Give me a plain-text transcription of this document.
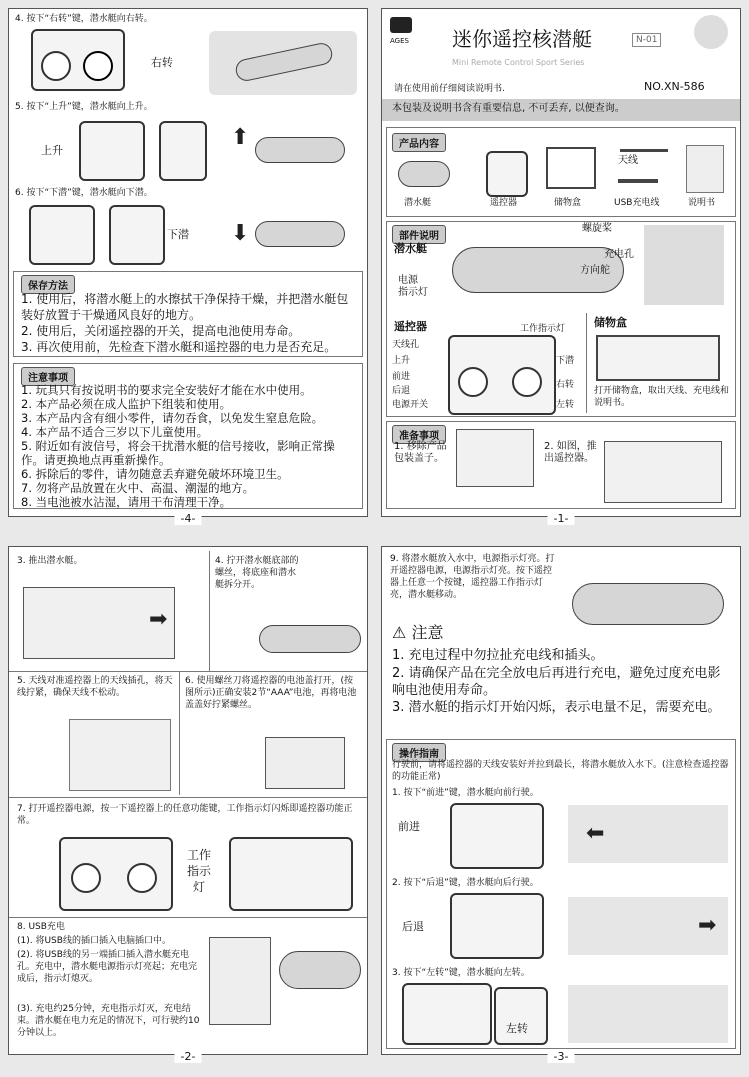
4. 按下“右转”键，潜水艇向右转。
右转
5. 按下“上升”键，潜水艇向上升。
上升
⬆
6. 按下“下潜”键，潜水艇向下潜。
下潜 ⬇
保存方法
1. 使用后，将潜水艇上的水擦拭干净保持干燥，并把潜水艇包装好放置于干燥通风良好的地方。
2. 使用后，关闭遥控器的开关，提高电池使用寿命。
3. 再次使用前，先检查下潜水艇和遥控器的电力是否充足。
注意事项
1. 玩具只有按说明书的要求完全安装好才能在水中使用。
2. 本产品必须在成人监护下组装和使用。
3. 本产品内含有细小零件，请勿吞食，以免发生窒息危险。
4. 本产品不适合三岁以下儿童使用。
5. 附近如有波信号，将会干扰潜水艇的信号接收，影响正常操作。请更换地点再重新操作。
6. 拆除后的零件，请勿随意丢弃避免破坏环境卫生。
7. 勿将产品放置在火中、高温、潮湿的地方。
8. 当电池被水沾湿，请用干布清理干净。
-4-
AGES 迷你遥控核潜艇	N-01
Mini Remote Control Sport Series
请在使用前仔细阅读说明书.	NO.XN-586
本包装及说明书含有重要信息, 不可丢弃, 以便查询。
产品内容
天线
潜水艇	遥控器	储物盒	USB充电线	说明书
部件说明
潜水艇
螺旋桨
充电孔
方向舵
电源
指示灯
遥控器
天线孔
上升
前进
后退
电源开关
工作指示灯
下潜
右转
左转
储物盒
打开储物盒，取出天线、充电线和说明书。
准备事项
1. 移除产品包装盖子。
2. 如图，推出遥控器。
-1-
3. 推出潜水艇。
➡
4. 拧开潜水艇底部的螺丝，将底座和潜水艇拆分开。
5. 天线对准遥控器上的天线插孔，将天线拧紧，确保天线不松动。
6. 使用螺丝刀将遥控器的电池盖打开，(按图所示)正确安装2节“AAA”电池，再将电池盖盖好拧紧螺丝。
7. 打开遥控器电源，按一下遥控器上的任意功能键，工作指示灯闪烁即遥控器功能正常。
工作
指示
灯
8. USB充电
(1). 将USB线的插口插入电脑插口中。
(2). 将USB线的另一端插口插入潜水艇充电孔。充电中，潜水艇电源指示灯亮起；充电完成后，指示灯熄灭。
(3). 充电约25分钟，充电指示灯灭，充电结束。潜水艇在电力充足的情况下，可行驶约10分钟以上。
-2-
9. 将潜水艇放入水中，电源指示灯亮。打开遥控器电源，电源指示灯亮。按下遥控器上任意一个按键，遥控器工作指示灯亮，潜水艇移动。
⚠ 注意
1. 充电过程中勿拉扯充电线和插头。
2. 请确保产品在完全放电后再进行充电，避免过度充电影响电池使用寿命。
3. 潜水艇的指示灯开始闪烁，表示电量不足，需要充电。
操作指南
行驶前，请将遥控器的天线安装好并拉到最长，将潜水艇放入水下。(注意检查遥控器的功能正常)
1. 按下“前进”键，潜水艇向前行驶。
前进	⬅
2. 按下“后退”键，潜水艇向后行驶。
后退	➡
3. 按下“左转”键，潜水艇向左转。
左转
-3-
